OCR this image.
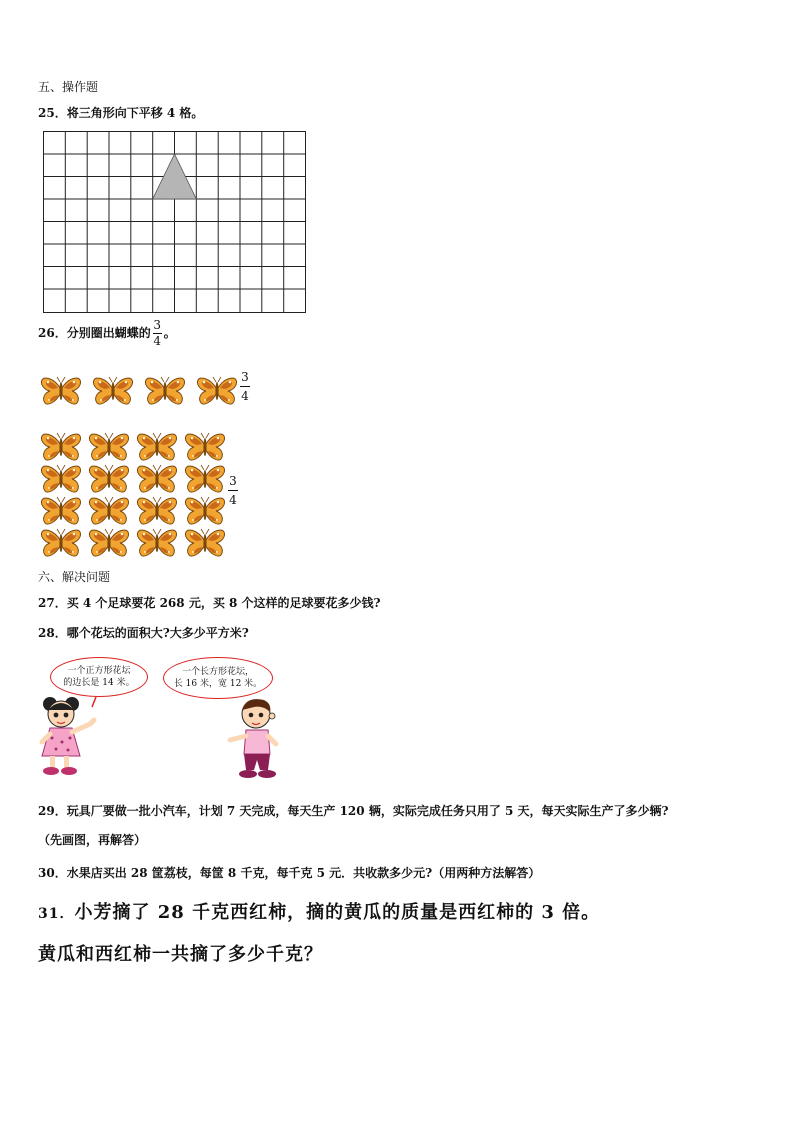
五、操作题
25．将三角形向下平移 4 格。
26．分别圈出蝴蝶的 $\frac{3}{4}$ 。
3
4
3
4
六、解决问题
27．买 4 个足球要花 268 元，买 8 个这样的足球要花多少钱?
28．哪个花坛的面积大?大多少平方米?
一个正方形花坛
的边长是 14 米。
一个长方形花坛，
长 16 米，宽 12 米。
29．玩具厂要做一批小汽车，计划 7 天完成，每天生产 120 辆，实际完成任务只用了 5 天，每天实际生产了多少辆?
（先画图，再解答）
30．水果店买出 28 筐荔枝，每筐 8 千克，每千克 5 元．共收款多少元?（用两种方法解答）
31．小芳摘了 28 千克西红柿，摘的黄瓜的质量是西红柿的 3 倍。
黄瓜和西红柿一共摘了多少千克？
